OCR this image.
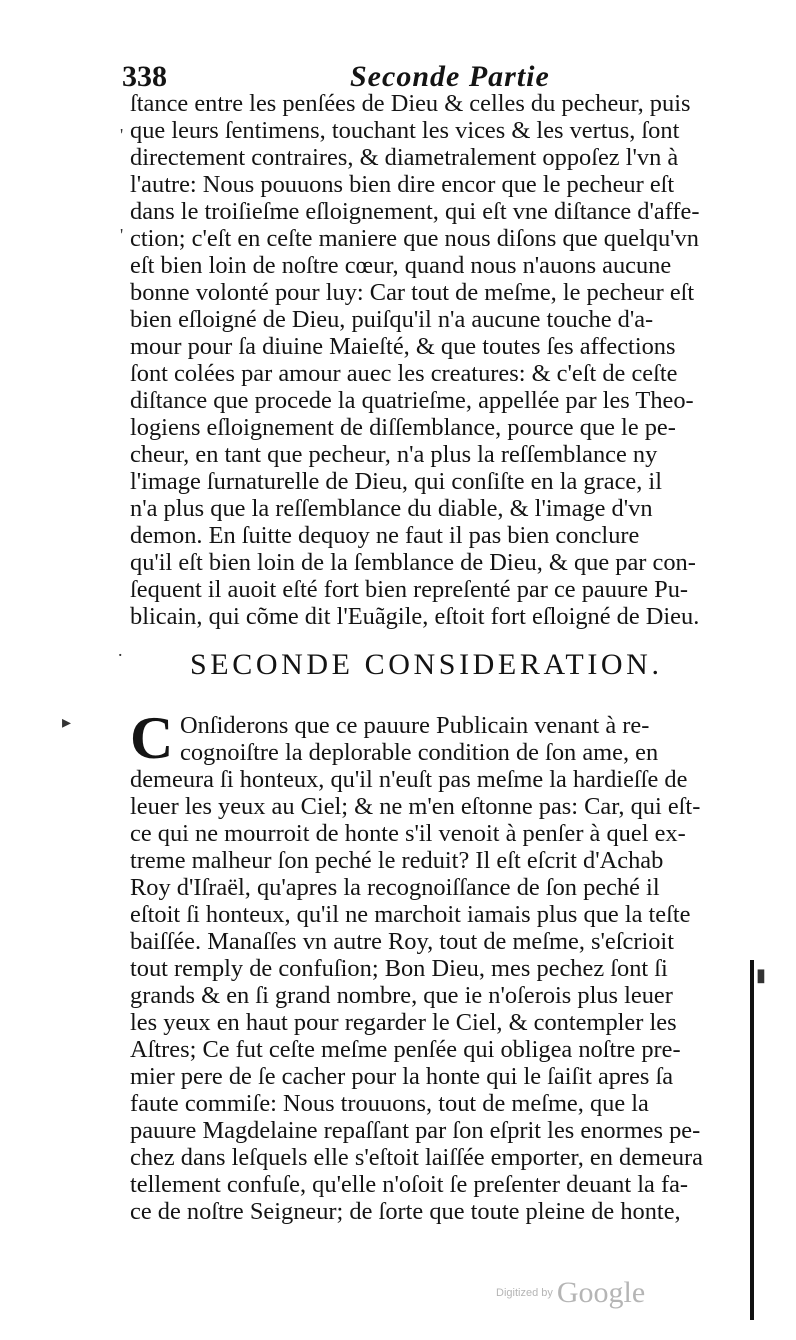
338	Seconde Partie
ſtance entre les penſées de Dieu & celles du pecheur, puis
que leurs ſentimens, touchant les vices & les vertus, ſont
directement contraires, & diametralement oppoſez l'vn à
l'autre: Nous pouuons bien dire encor que le pecheur eſt
dans le troiſieſme eſloignement, qui eſt vne diſtance d'affe-
ction; c'eſt en ceſte maniere que nous diſons que quelqu'vn
eſt bien loin de noſtre cœur, quand nous n'auons aucune
bonne volonté pour luy: Car tout de meſme, le pecheur eſt
bien eſloigné de Dieu, puiſqu'il n'a aucune touche d'a-
mour pour ſa diuine Maieſté, & que toutes ſes affections
ſont colées par amour auec les creatures: & c'eſt de ceſte
diſtance que procede la quatrieſme, appellée par les Theo-
logiens eſloignement de diſſemblance, pource que le pe-
cheur, en tant que pecheur, n'a plus la reſſemblance ny
l'image ſurnaturelle de Dieu, qui conſiſte en la grace, il
n'a plus que la reſſemblance du diable, & l'image d'vn
demon. En ſuitte dequoy ne faut il pas bien conclure
qu'il eſt bien loin de la ſemblance de Dieu, & que par con-
ſequent il auoit eſté fort bien repreſenté par ce pauure Pu-
blicain, qui cõme dit l'Euãgile, eſtoit fort eſloigné de Dieu.
SECONDE CONSIDERATION.
C Onſiderons que ce pauure Publicain venant à re-
cognoiſtre la deplorable condition de ſon ame, en
demeura ſi honteux, qu'il n'euſt pas meſme la hardieſſe de
leuer les yeux au Ciel; & ne m'en eſtonne pas: Car, qui eſt-
ce qui ne mourroit de honte s'il venoit à penſer à quel ex-
treme malheur ſon peché le reduit? Il eſt eſcrit d'Achab
Roy d'Iſraël, qu'apres la recognoiſſance de ſon peché il
eſtoit ſi honteux, qu'il ne marchoit iamais plus que la teſte
baiſſée. Manaſſes vn autre Roy, tout de meſme, s'eſcrioit
tout remply de confuſion; Bon Dieu, mes pechez ſont ſi
grands & en ſi grand nombre, que ie n'oſerois plus leuer
les yeux en haut pour regarder le Ciel, & contempler les
Aſtres; Ce fut ceſte meſme penſée qui obligea noſtre pre-
mier pere de ſe cacher pour la honte qui le ſaiſit apres ſa
faute commiſe: Nous trouuons, tout de meſme, que la
pauure Magdelaine repaſſant par ſon eſprit les enormes pe-
chez dans leſquels elle s'eſtoit laiſſée emporter, en demeura
tellement confuſe, qu'elle n'oſoit ſe preſenter deuant la fa-
ce de noſtre Seigneur; de ſorte que toute pleine de honte,
'
'
.
▸
▮
Digitized by Google
